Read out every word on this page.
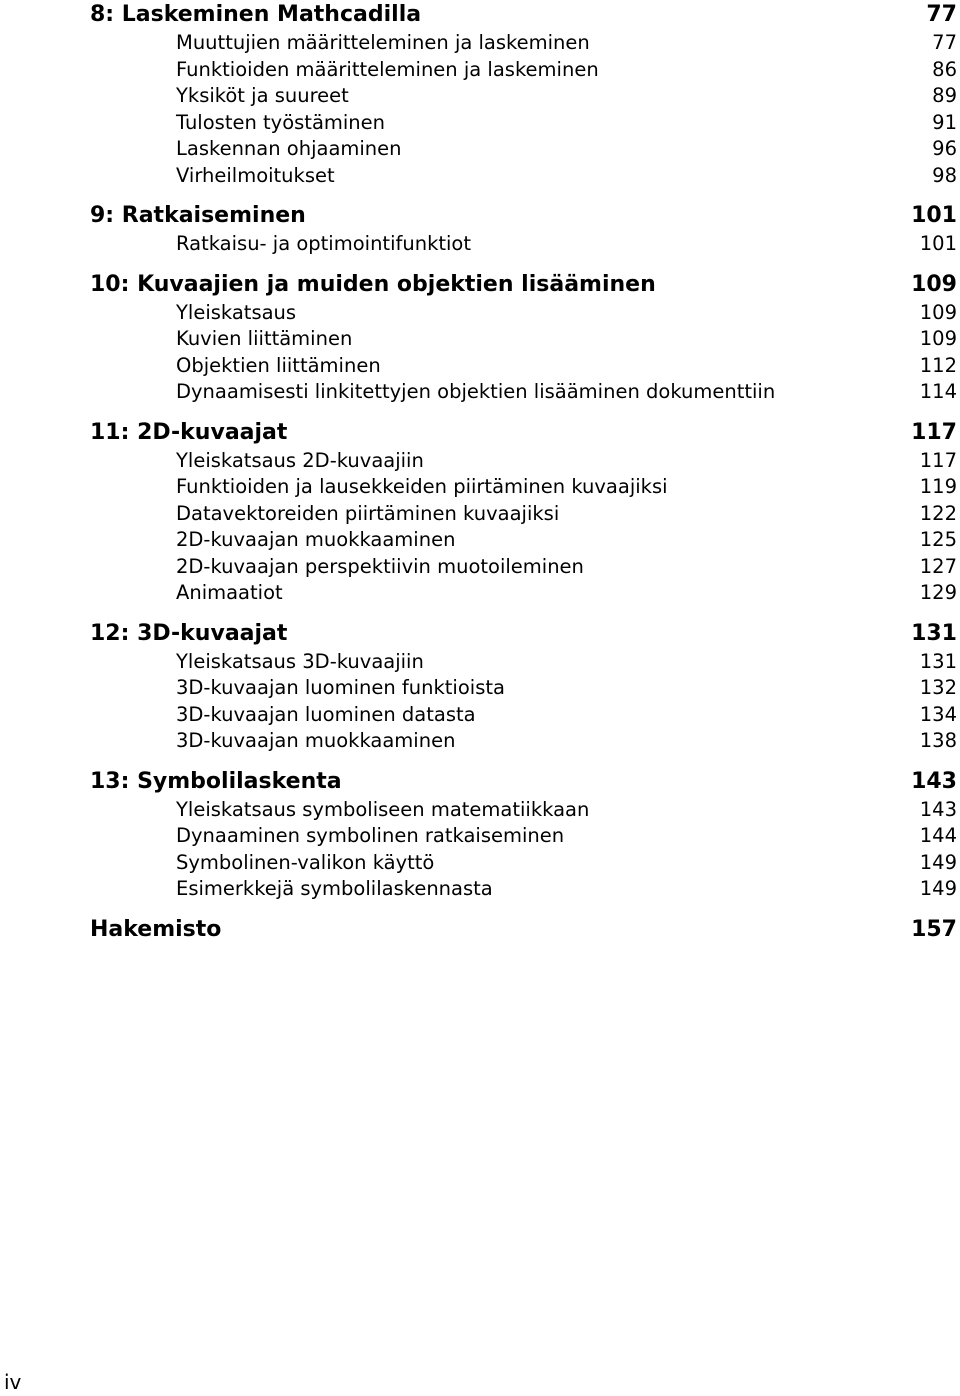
8: Laskeminen Mathcadilla	77
Muuttujien määritteleminen ja laskeminen	77
Funktioiden määritteleminen ja laskeminen	86
Yksiköt ja suureet	89
Tulosten työstäminen	91
Laskennan ohjaaminen	96
Virheilmoitukset	98
9: Ratkaiseminen	101
Ratkaisu- ja optimointifunktiot	101
10: Kuvaajien ja muiden objektien lisääminen	109
Yleiskatsaus	109
Kuvien liittäminen	109
Objektien liittäminen	112
Dynaamisesti linkitettyjen objektien lisääminen dokumenttiin	114
11: 2D-kuvaajat	117
Yleiskatsaus 2D-kuvaajiin	117
Funktioiden ja lausekkeiden piirtäminen kuvaajiksi	119
Datavektoreiden piirtäminen kuvaajiksi	122
2D-kuvaajan muokkaaminen	125
2D-kuvaajan perspektiivin muotoileminen	127
Animaatiot	129
12: 3D-kuvaajat	131
Yleiskatsaus 3D-kuvaajiin	131
3D-kuvaajan luominen funktioista	132
3D-kuvaajan luominen datasta	134
3D-kuvaajan muokkaaminen	138
13: Symbolilaskenta	143
Yleiskatsaus symboliseen matematiikkaan	143
Dynaaminen symbolinen ratkaiseminen	144
Symbolinen-valikon käyttö	149
Esimerkkejä symbolilaskennasta	149
Hakemisto	157
iv
